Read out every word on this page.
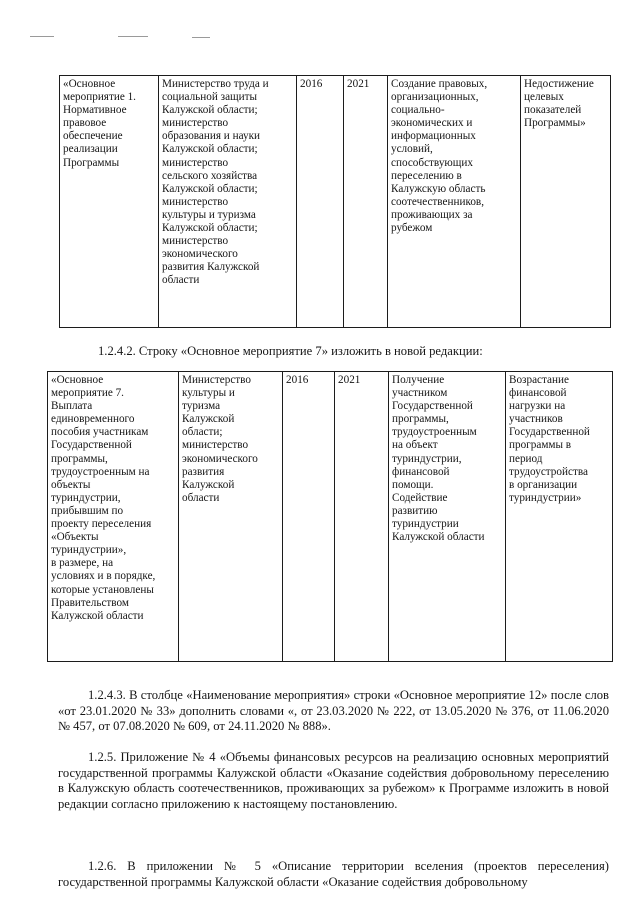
«Основное
мероприятие 1.
Нормативное
правовое
обеспечение
реализации
Программы	Министерство труда и
социальной защиты
Калужской области;
министерство
образования и науки
Калужской области;
министерство
сельского хозяйства
Калужской области;
министерство
культуры и туризма
Калужской области;
министерство
экономического
развития Калужской
области	2016	2021	Создание правовых,
организационных,
социально-
экономических и
информационных
условий,
способствующих
переселению в
Калужскую область
соотечественников,
проживающих за
рубежом	Недостижение
целевых
показателей
Программы»

1.2.4.2. Строку «Основное мероприятие 7» изложить в новой редакции:

«Основное
мероприятие 7.
Выплата
единовременного
пособия участникам
Государственной
программы,
трудоустроенным на
объекты
туриндустрии,
прибывшим по
проекту переселения
«Объекты
туриндустрии»,
в размере, на
условиях и в порядке,
которые установлены
Правительством
Калужской области	Министерство
культуры и
туризма
Калужской
области;
министерство
экономического
развития
Калужской
области	2016	2021	Получение
участником
Государственной
программы,
трудоустроенным
на объект
туриндустрии,
финансовой
помощи.
Содействие
развитию
туриндустрии
Калужской области	Возрастание
финансовой
нагрузки на
участников
Государственной
программы в
период
трудоустройства
в организации
туриндустрии»

1.2.4.3. В столбце «Наименование мероприятия» строки «Основное мероприятие 12» после слов «от 23.01.2020 № 33» дополнить словами «, от 23.03.2020 № 222, от 13.05.2020 № 376, от 11.06.2020 № 457, от 07.08.2020 № 609, от 24.11.2020 № 888».

1.2.5. Приложение № 4 «Объемы финансовых ресурсов на реализацию основных мероприятий государственной программы Калужской области «Оказание содействия добровольному переселению в Калужскую область соотечественников, проживающих за рубежом» к Программе изложить в новой редакции согласно приложению к настоящему постановлению.

1.2.6. В приложении № 5 «Описание территории вселения (проектов переселения) государственной программы Калужской области «Оказание содействия добровольному
